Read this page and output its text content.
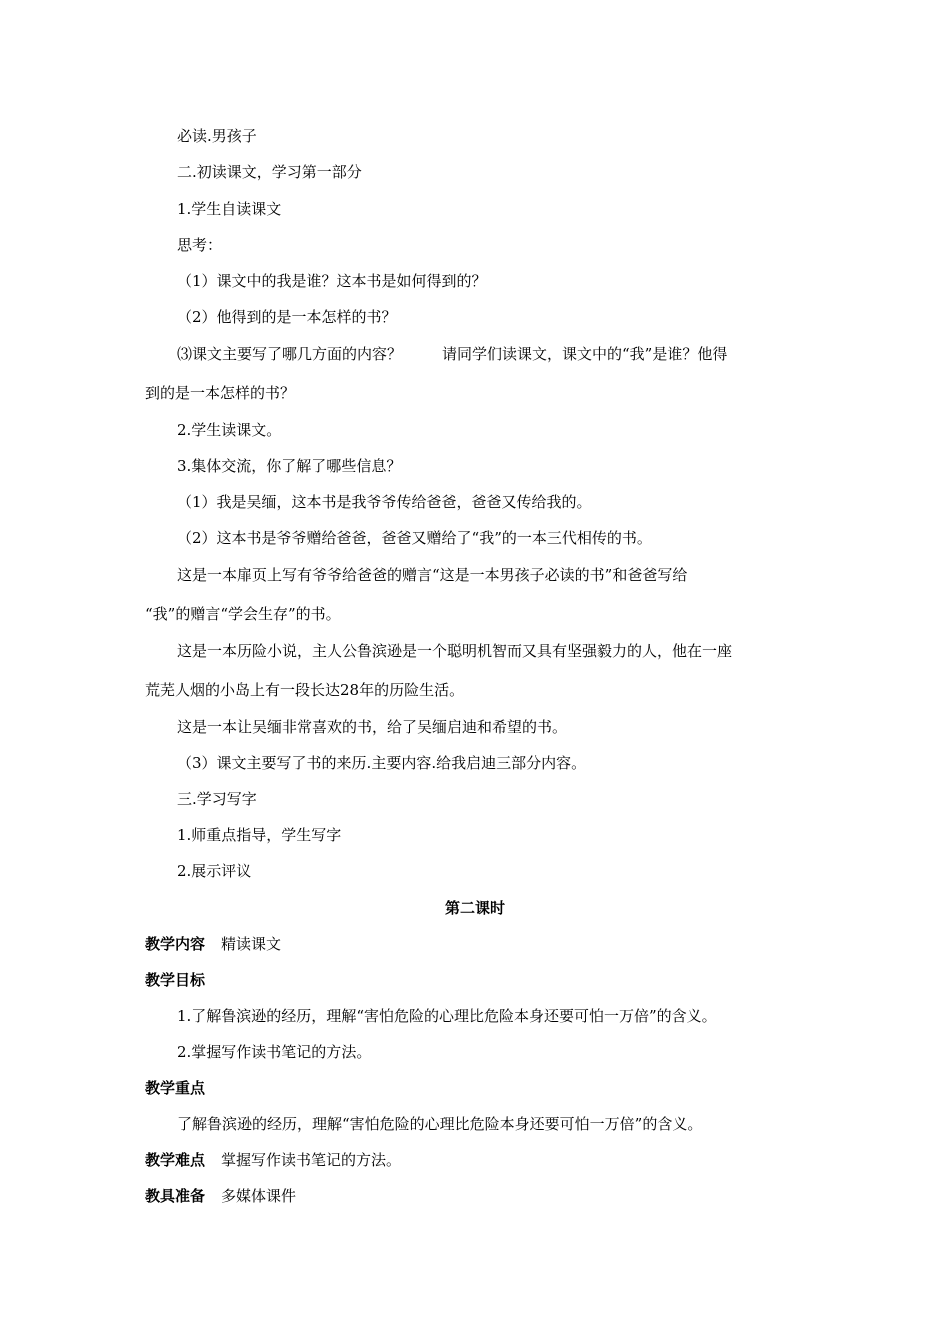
必读.男孩子
二.初读课文，学习第一部分
1.学生自读课文
思考：
（1）课文中的我是谁？这本书是如何得到的？
（2）他得到的是一本怎样的书？
⑶课文主要写了哪几方面的内容？	请同学们读课文，课文中的“我”是谁？他得
到的是一本怎样的书？
2.学生读课文。
3.集体交流，你了解了哪些信息？
（1）我是吴缅，这本书是我爷爷传给爸爸，爸爸又传给我的。
（2）这本书是爷爷赠给爸爸，爸爸又赠给了“我”的一本三代相传的书。
这是一本扉页上写有爷爷给爸爸的赠言“这是一本男孩子必读的书”和爸爸写给
“我”的赠言“学会生存”的书。
这是一本历险小说，主人公鲁滨逊是一个聪明机智而又具有坚强毅力的人，他在一座
荒芜人烟的小岛上有一段长达28年的历险生活。
这是一本让吴缅非常喜欢的书，给了吴缅启迪和希望的书。
（3）课文主要写了书的来历.主要内容.给我启迪三部分内容。
三.学习写字
1.师重点指导，学生写字
2.展示评议
第二课时
教学内容 精读课文
教学目标
1.了解鲁滨逊的经历，理解“害怕危险的心理比危险本身还要可怕一万倍”的含义。
2.掌握写作读书笔记的方法。
教学重点
了解鲁滨逊的经历，理解“害怕危险的心理比危险本身还要可怕一万倍”的含义。
教学难点 掌握写作读书笔记的方法。
教具准备 多媒体课件
